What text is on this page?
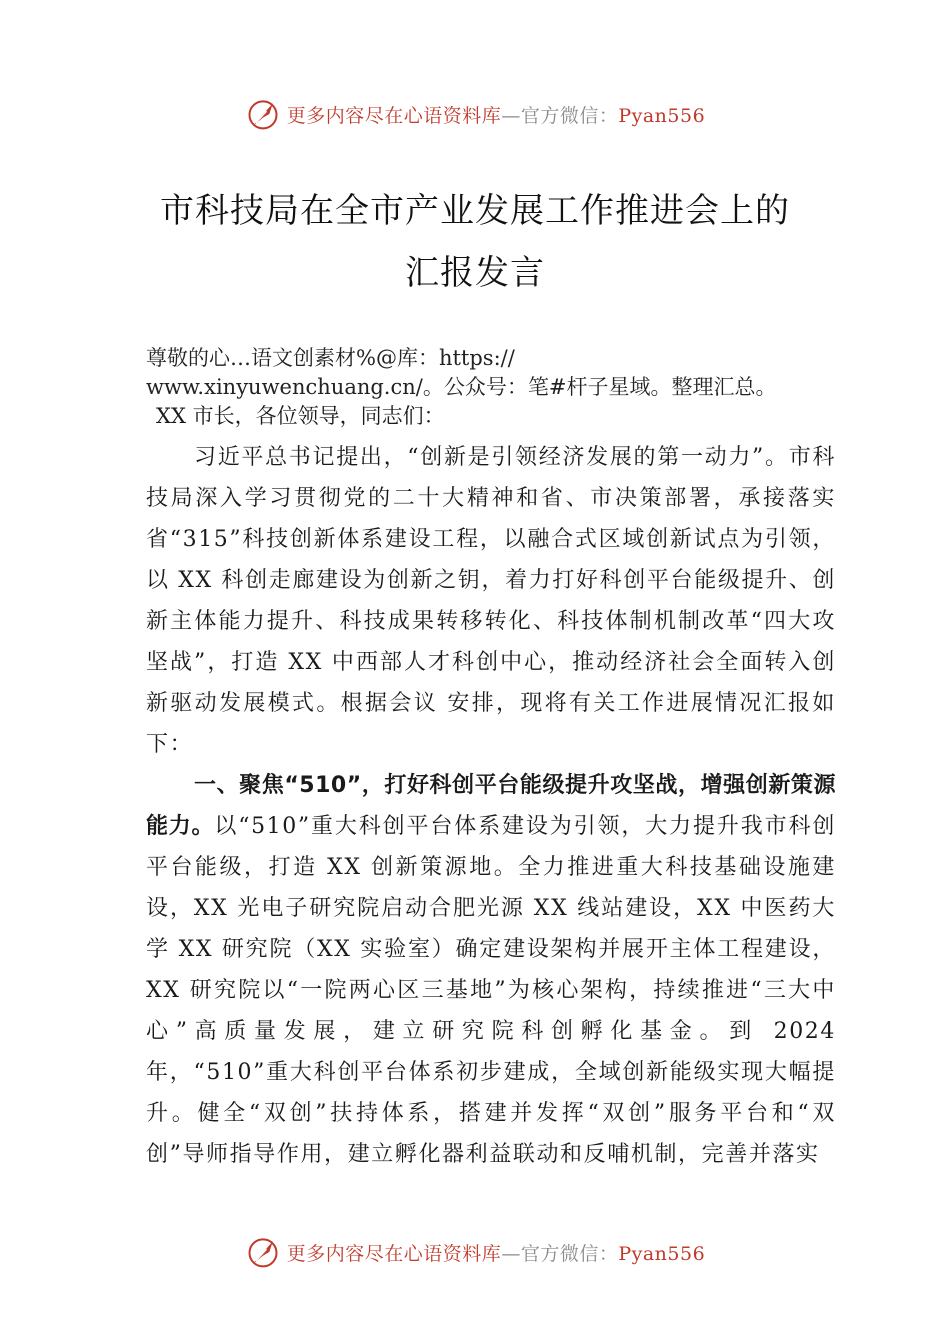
更多内容尽在心语资料库—官方微信：Pyan556
市科技局在全市产业发展工作推进会上的
汇报发言

尊敬的心…语文创素材%@库：https://

www.xinyuwenchuang.cn/。公众号：笔#杆子星域。整理汇总。

XX 市长，各位领导，同志们：

习近平总书记提出，“创新是引领经济发展的第一动力”。市科技局深入学习贯彻党的二十大精神和省、市决策部署，承接落实省“315”科技创新体系建设工程，以融合式区域创新试点为引领，以 XX 科创走廊建设为创新之钥，着力打好科创平台能级提升、创新主体能力提升、科技成果转移转化、科技体制机制改革“四大攻坚战”，打造 XX 中西部人才科创中心，推动经济社会全面转入创新驱动发展模式。根据会议 安排，现将有关工作进展情况汇报如下：

一、聚焦“510”，打好科创平台能级提升攻坚战，增强创新策源能力。以“510”重大科创平台体系建设为引领，大力提升我市科创平台能级，打造 XX 创新策源地。全力推进重大科技基础设施建设，XX 光电子研究院启动合肥光源 XX 线站建设，XX 中医药大学 XX 研究院（XX 实验室）确定建设架构并展开主体工程建设，XX 研究院以“一院两心区三基地”为核心架构，持续推进“三大中心”高质量发展，建立研究院科创孵化基金。到 2024 年，“510”重大科创平台体系初步建成，全域创新能级实现大幅提升。健全“双创”扶持体系，搭建并发挥“双创”服务平台和“双创”导师指导作用，建立孵化器利益联动和反哺机制，完善并落实

更多内容尽在心语资料库—官方微信：Pyan556
